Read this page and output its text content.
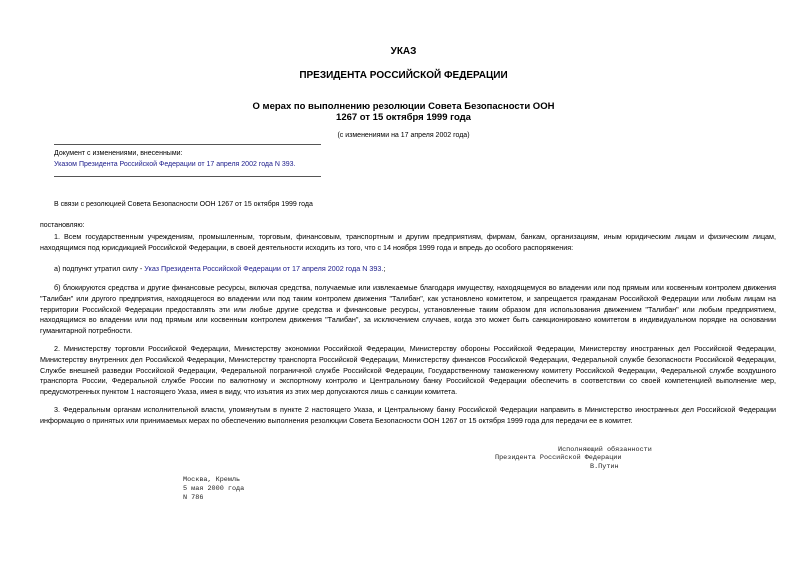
УКАЗ
ПРЕЗИДЕНТА РОССИЙСКОЙ ФЕДЕРАЦИИ
О мерах по выполнению резолюции Совета Безопасности ООН
1267 от 15 октября 1999 года
(с изменениями на 17 апреля 2002 года)
Документ с изменениями, внесенными:
Указом Президента Российской Федерации от 17 апреля 2002 года N 393.
В связи с резолюцией Совета Безопасности ООН 1267 от 15 октября 1999 года
постановляю:
1. Всем государственным учреждениям, промышленным, торговым, финансовым, транспортным и другим предприятиям, фирмам, банкам, организациям, иным юридическим лицам и физическим лицам, находящимся под юрисдикцией Российской Федерации, в своей деятельности исходить из того, что с 14 ноября 1999 года и впредь до особого распоряжения:
а) подпункт утратил силу - Указ Президента Российской Федерации от 17 апреля 2002 года N 393.;
б) блокируются средства и другие финансовые ресурсы, включая средства, получаемые или извлекаемые благодаря имуществу, находящемуся во владении или под прямым или косвенным контролем движения "Талибан" или другого предприятия, находящегося во владении или под таким контролем движения "Талибан", как установлено комитетом, и запрещается гражданам Российской Федерации или любым лицам на территории Российской Федерации предоставлять эти или любые другие средства и финансовые ресурсы, установленные таким образом для использования движением "Талибан" или любым предприятием, находящимся во владении или под прямым или косвенным контролем движения "Талибан", за исключением случаев, когда это может быть санкционировано комитетом в индивидуальном порядке на основании гуманитарной потребности.
2. Министерству торговли Российской Федерации, Министерству экономики Российской Федерации, Министерству обороны Российской Федерации, Министерству иностранных дел Российской Федерации, Министерству внутренних дел Российской Федерации, Министерству транспорта Российской Федерации, Министерству финансов Российской Федерации, Федеральной службе безопасности Российской Федерации, Службе внешней разведки Российской Федерации, Федеральной пограничной службе Российской Федерации, Государственному таможенному комитету Российской Федерации, Федеральной службе воздушного транспорта России, Федеральной службе России по валютному и экспортному контролю и Центральному банку Российской Федерации обеспечить в соответствии со своей компетенцией выполнение мер, предусмотренных пунктом 1 настоящего Указа, имея в виду, что изъятия из этих мер допускаются лишь с санкции комитета.
3. Федеральным органам исполнительной власти, упомянутым в пункте 2 настоящего Указа, и Центральному банку Российской Федерации направить в Министерство иностранных дел Российской Федерации информацию о принятых или принимаемых мерах по обеспечению выполнения резолюции Совета Безопасности ООН 1267 от 15 октября 1999 года для передачи ее в комитет.
Исполняющий обязанности
Президента Российской Федерации
В.Путин
Москва, Кремль
5 мая 2000 года
N 786
